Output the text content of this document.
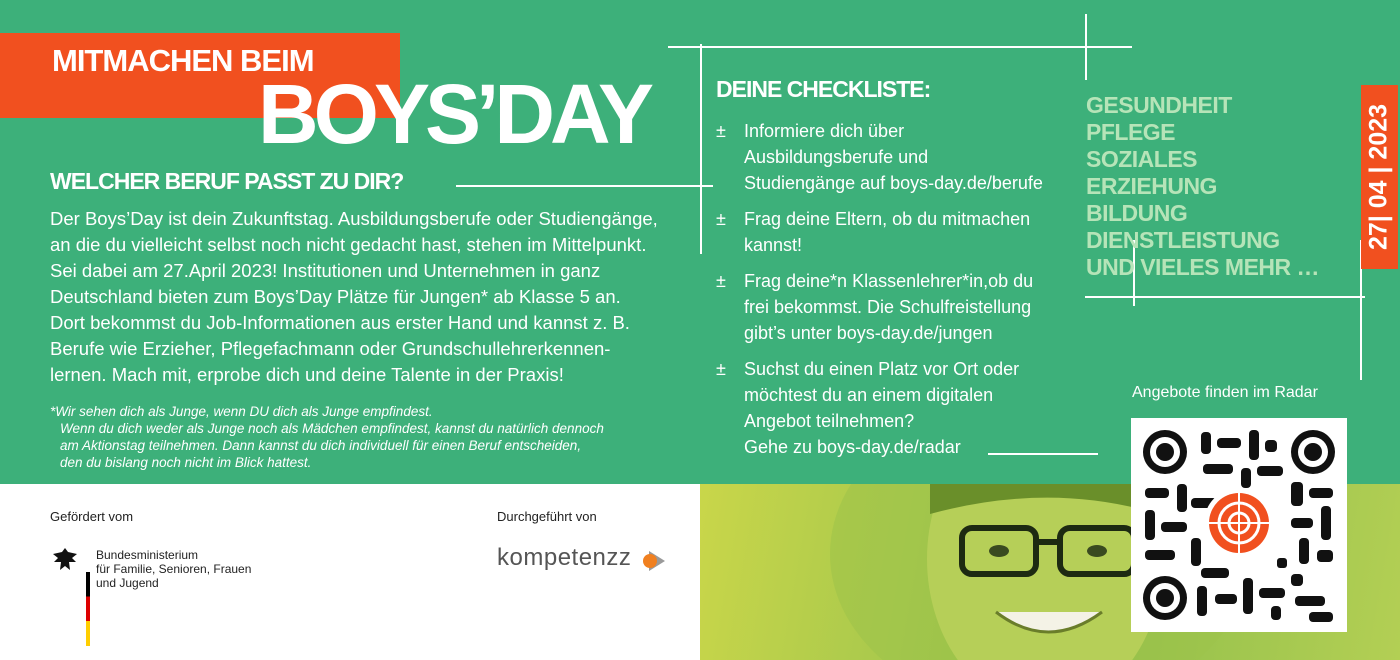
MITMACHEN BEIM
BOYS’DAY
WELCHER BERUF PASST ZU DIR?

Der Boys’Day ist dein Zukunftstag. Ausbildungsberufe oder Studiengänge,

an die du vielleicht selbst noch nicht gedacht hast, stehen im Mittelpunkt.

Sei dabei am 27.April 2023! Institutionen und Unternehmen in ganz

Deutschland bieten zum Boys’Day Plätze für Jungen* ab Klasse 5 an.

Dort bekommst du Job-Informationen aus erster Hand und kannst z. B.

Berufe wie Erzieher, Pflegefachmann oder Grundschullehrerkennen-

lernen. Mach mit, erprobe dich und deine Talente in der Praxis!

*Wir sehen dich als Junge, wenn DU dich als Junge empfindest.

Wenn du dich weder als Junge noch als Mädchen empfindest, kannst du natürlich dennoch

am Aktionstag teilnehmen. Dann kannst du dich individuell für einen Beruf entscheiden,

den du bislang noch nicht im Blick hattest.

DEINE CHECKLISTE:
±	Informiere dich über
Ausbildungsberufe und
Studiengänge auf boys-day.de/berufe
±	Frag deine Eltern, ob du mitmachen
kannst!
±	Frag deine*n Klassenlehrer*in,ob du
frei bekommst. Die Schulfreistellung
gibt’s unter boys-day.de/jungen
±	Suchst du einen Platz vor Ort oder
möchtest du an einem digitalen
Angebot teilnehmen?
Gehe zu boys-day.de/radar
GESUNDHEIT
PFLEGE
SOZIALES
ERZIEHUNG
BILDUNG
DIENSTLEISTUNG
UND VIELES MEHR …
27| 04 | 2023
Angebote finden im Radar
Gefördert vom
Bundesministerium
für Familie, Senioren, Frauen
und Jugend
Durchgeführt von
kompetenzz
